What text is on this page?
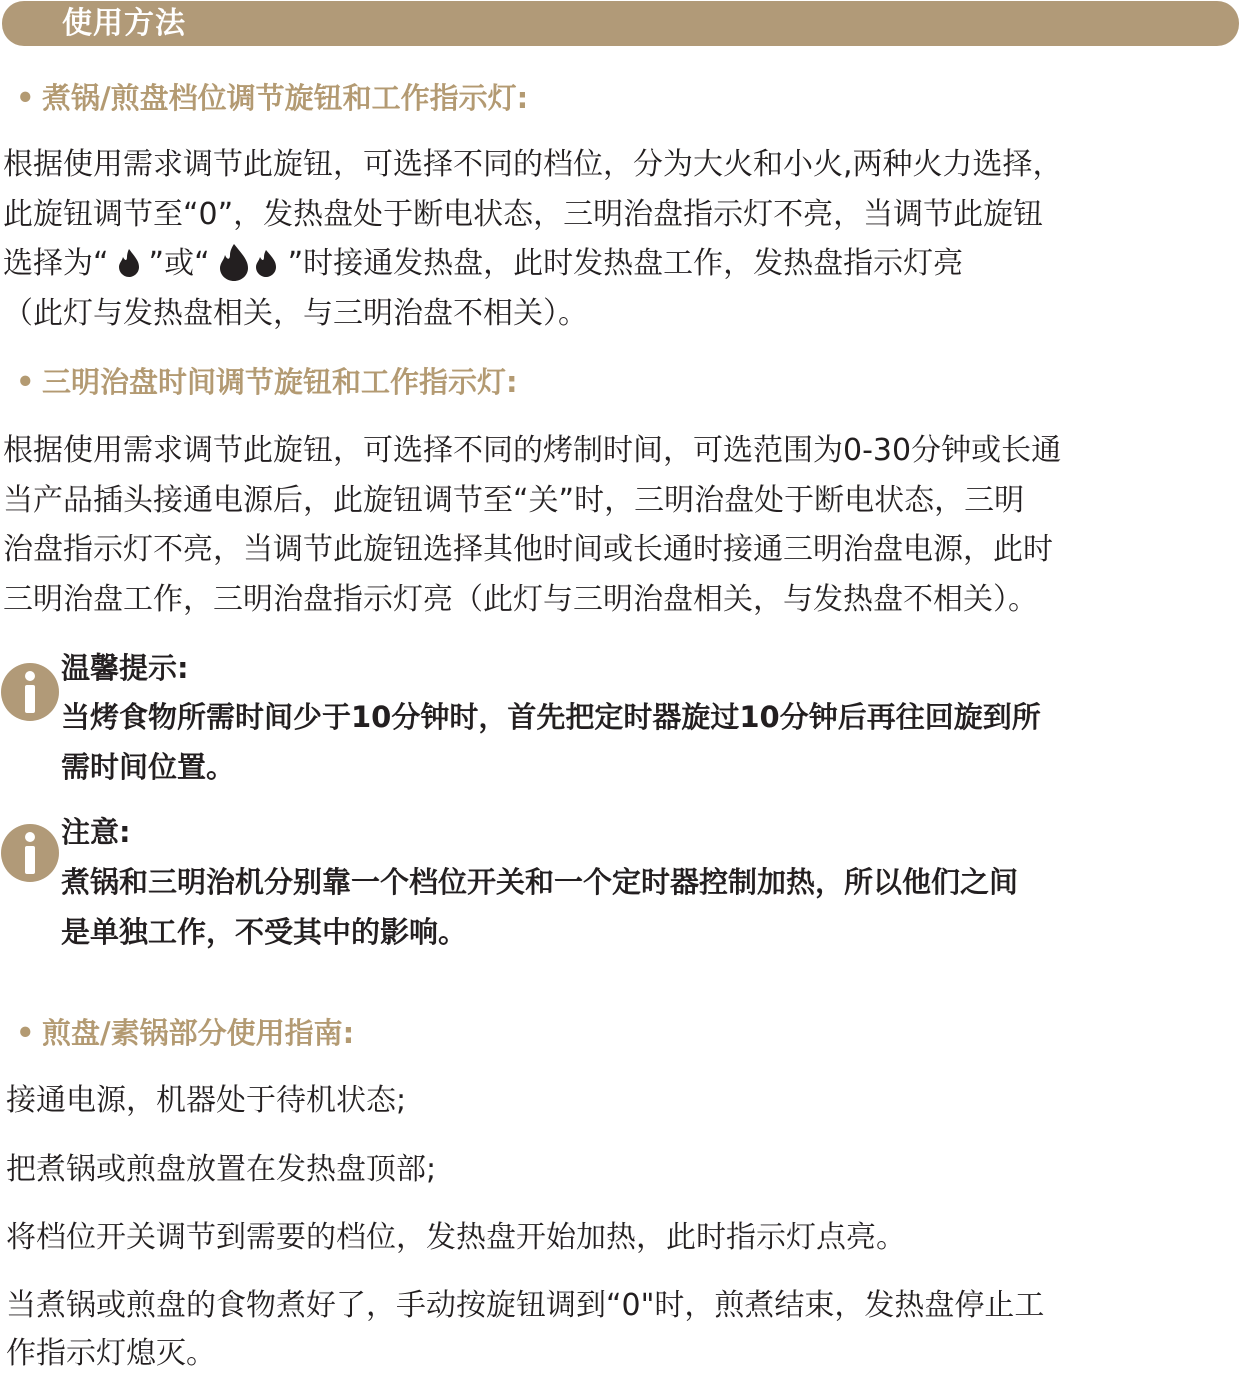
使用方法
• 煮锅/煎盘档位调节旋钮和工作指示灯:
根据使用需求调节此旋钮，可选择不同的档位，分为大火和小火,两种火力选择，
此旋钮调节至“0”，发热盘处于断电状态，三明治盘指示灯不亮，当调节此旋钮
选择为“ ”或“	”时接通发热盘，此时发热盘工作，发热盘指示灯亮
（此灯与发热盘相关，与三明治盘不相关）。
• 三明治盘时间调节旋钮和工作指示灯:
根据使用需求调节此旋钮，可选择不同的烤制时间，可选范围为0-30分钟或长通
当产品插头接通电源后，此旋钮调节至“关”时，三明治盘处于断电状态，三明
治盘指示灯不亮，当调节此旋钮选择其他时间或长通时接通三明治盘电源，此时
三明治盘工作，三明治盘指示灯亮（此灯与三明治盘相关，与发热盘不相关）。
温馨提示:
当烤食物所需时间少于10分钟时，首先把定时器旋过10分钟后再往回旋到所
需时间位置。
注意:
煮锅和三明治机分别靠一个档位开关和一个定时器控制加热，所以他们之间
是单独工作，不受其中的影响。
• 煎盘/素锅部分使用指南:
接通电源，机器处于待机状态;
把煮锅或煎盘放置在发热盘顶部;
将档位开关调节到需要的档位，发热盘开始加热，此时指示灯点亮。
当煮锅或煎盘的食物煮好了，手动按旋钮调到“0"时，煎煮结束，发热盘停止工
作指示灯熄灭。
